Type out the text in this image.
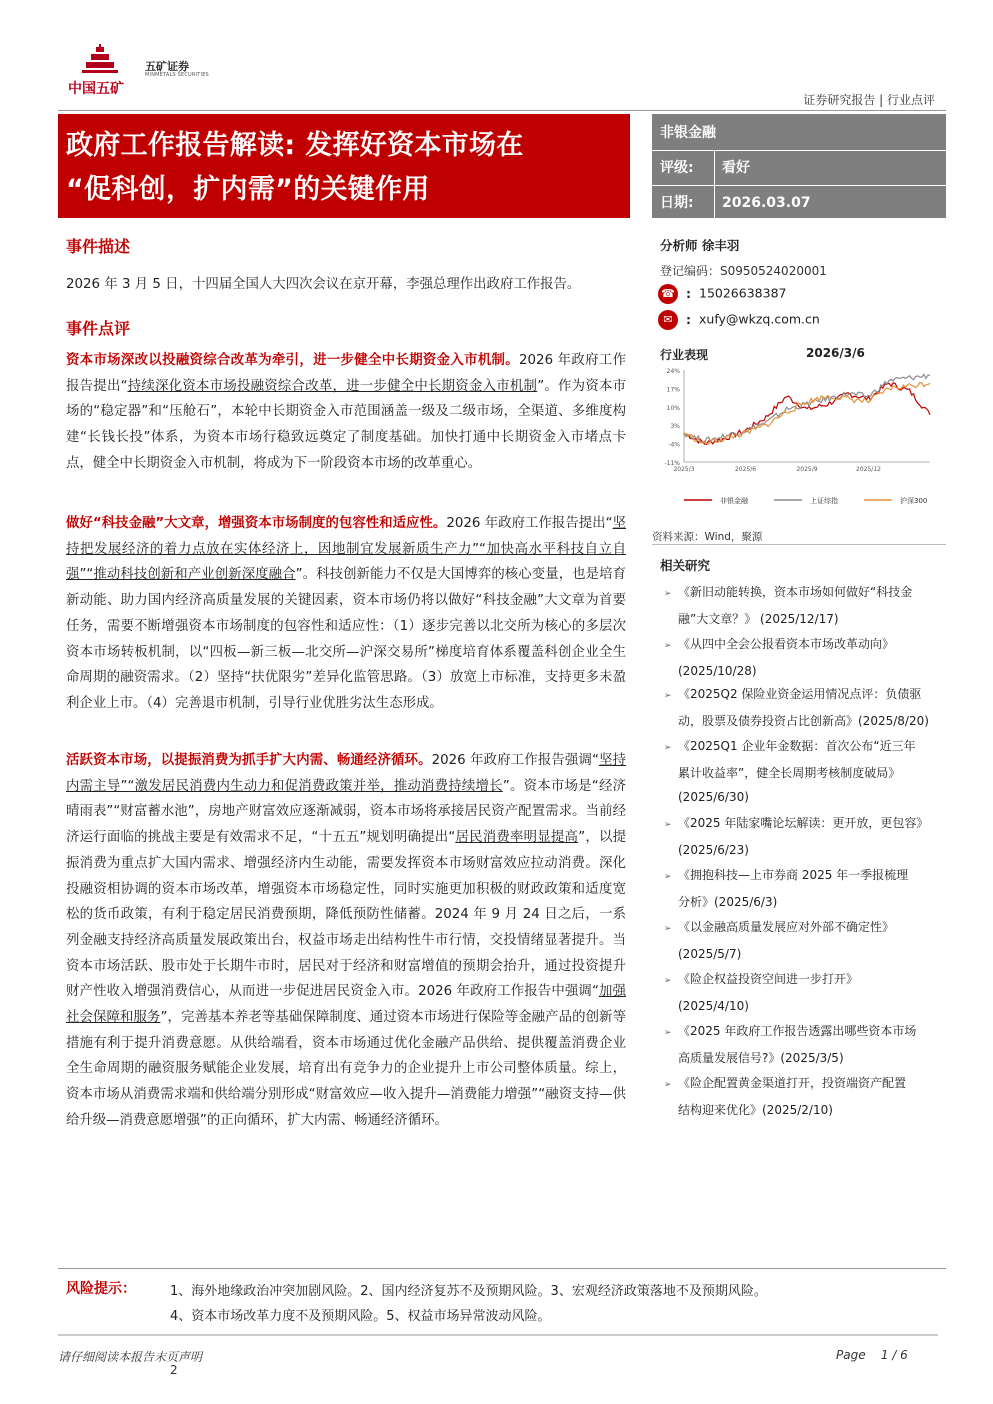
中国五矿
五矿证券
MINMETALS SECURITIES
证券研究报告 | 行业点评
政府工作报告解读: 发挥好资本市场在
“促科创，扩内需”的关键作用
非银金融
评级: 看好
日期: 2026.03.07
事件描述
2026 年 3 月 5 日，十四届全国人大四次会议在京开幕，李强总理作出政府工作报告。
事件点评
资本市场深改以投融资综合改革为牵引，进一步健全中长期资金入市机制。2026 年政府工作报告提出“持续深化资本市场投融资综合改革，进一步健全中长期资金入市机制”。作为资本市场的“稳定器”和“压舱石”，本轮中长期资金入市范围涵盖一级及二级市场，全渠道、多维度构建“长钱长投”体系，为资本市场行稳致远奠定了制度基础。加快打通中长期资金入市堵点卡点，健全中长期资金入市机制，将成为下一阶段资本市场的改革重心。
做好“科技金融”大文章，增强资本市场制度的包容性和适应性。2026 年政府工作报告提出“坚持把发展经济的着力点放在实体经济上，因地制宜发展新质生产力”“加快高水平科技自立自强”“推动科技创新和产业创新深度融合”。科技创新能力不仅是大国博弈的核心变量，也是培育新动能、助力国内经济高质量发展的关键因素，资本市场仍将以做好“科技金融”大文章为首要任务，需要不断增强资本市场制度的包容性和适应性：（1）逐步完善以北交所为核心的多层次资本市场转板机制，以“四板—新三板—北交所—沪深交易所”梯度培育体系覆盖科创企业全生命周期的融资需求。（2）坚持“扶优限劣”差异化监管思路。（3）放宽上市标准，支持更多未盈利企业上市。（4）完善退市机制，引导行业优胜劣汰生态形成。
活跃资本市场，以提振消费为抓手扩大内需、畅通经济循环。2026 年政府工作报告强调“坚持内需主导”“激发居民消费内生动力和促消费政策并举，推动消费持续增长”。资本市场是“经济晴雨表”“财富蓄水池”，房地产财富效应逐渐减弱，资本市场将承接居民资产配置需求。当前经济运行面临的挑战主要是有效需求不足，“十五五”规划明确提出“居民消费率明显提高”，以提振消费为重点扩大国内需求、增强经济内生动能，需要发挥资本市场财富效应拉动消费。深化投融资相协调的资本市场改革，增强资本市场稳定性，同时实施更加积极的财政政策和适度宽松的货币政策，有利于稳定居民消费预期，降低预防性储蓄。2024 年 9 月 24 日之后，一系列金融支持经济高质量发展政策出台，权益市场走出结构性牛市行情，交投情绪显著提升。当资本市场活跃、股市处于长期牛市时，居民对于经济和财富增值的预期会抬升，通过投资提升财产性收入增强消费信心，从而进一步促进居民资金入市。2026 年政府工作报告中强调“加强社会保障和服务”，完善基本养老等基础保障制度、通过资本市场进行保险等金融产品的创新等措施有利于提升消费意愿。从供给端看，资本市场通过优化金融产品供给、提供覆盖消费企业全生命周期的融资服务赋能企业发展，培育出有竞争力的企业提升上市公司整体质量。综上，资本市场从消费需求端和供给端分别形成“财富效应—收入提升—消费能力增强”“融资支持—供给升级—消费意愿增强”的正向循环，扩大内需、畅通经济循环。
分析师 徐丰羽
登记编码：S0950524020001
☎ : 15026638387
✉ : xufy@wkzq.com.cn
行业表现	2026/3/6
24%
17%
10%
3%
-4%
-11%
2025/3	2025/6	2025/9	2025/12
非银金融	上证综指	沪深300
资料来源：Wind，聚源
相关研究
➢ 《新旧动能转换，资本市场如何做好“科技金
融”大文章？》 (2025/12/17)
➢ 《从四中全会公报看资本市场改革动向》
(2025/10/28)
➢ 《2025Q2 保险业资金运用情况点评：负债驱
动，股票及债券投资占比创新高》(2025/8/20)
➢ 《2025Q1 企业年金数据：首次公布“近三年
累计收益率”，健全长周期考核制度破局》
(2025/6/30)
➢ 《2025 年陆家嘴论坛解读：更开放，更包容》
(2025/6/23)
➢ 《拥抱科技—上市券商 2025 年一季报梳理
分析》(2025/6/3)
➢ 《以金融高质量发展应对外部不确定性》
(2025/5/7)
➢ 《险企权益投资空间进一步打开》
(2025/4/10)
➢ 《2025 年政府工作报告透露出哪些资本市场
高质量发展信号?》(2025/3/5)
➢ 《险企配置黄金渠道打开，投资端资产配置
结构迎来优化》(2025/2/10)
风险提示：	1、海外地缘政治冲突加剧风险。2、国内经济复苏不及预期风险。3、宏观经济政策落地不及预期风险。
4、资本市场改革力度不及预期风险。5、权益市场异常波动风险。
请仔细阅读本报告末页声明	Page    1 / 6
2
